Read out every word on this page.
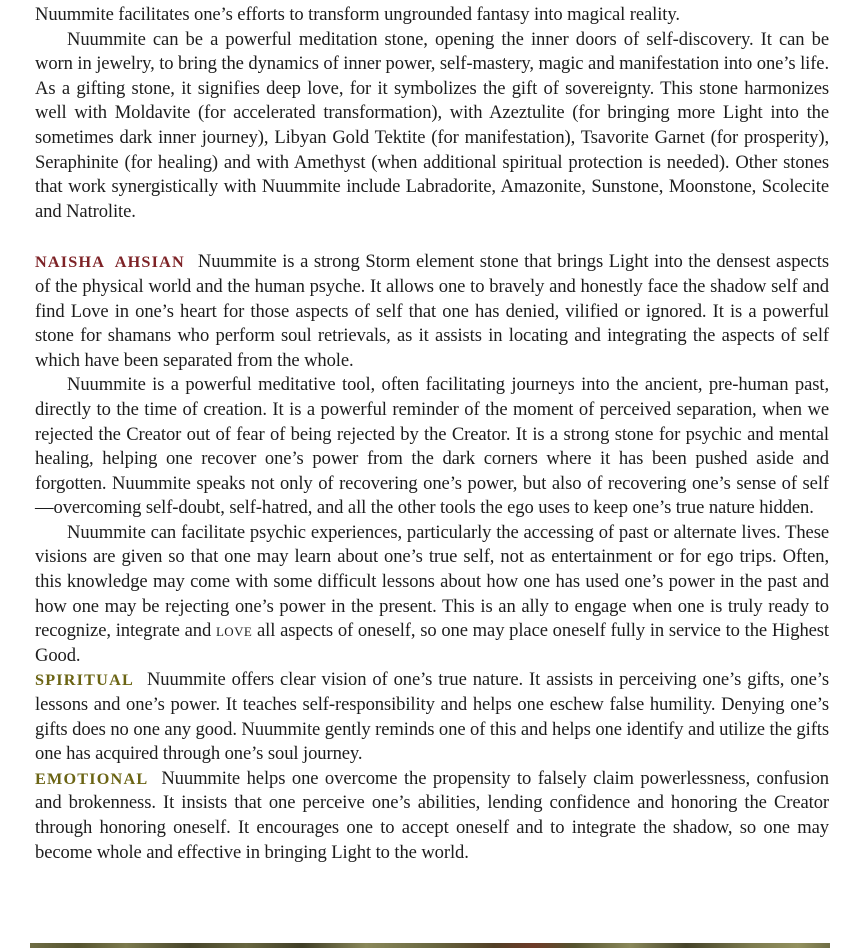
Nuummite facilitates one’s efforts to transform ungrounded fantasy into magical reality.

Nuummite can be a powerful meditation stone, opening the inner doors of self-discovery. It can be worn in jewelry, to bring the dynamics of inner power, self-mastery, magic and manifestation into one’s life. As a gifting stone, it signifies deep love, for it symbolizes the gift of sovereignty. This stone harmonizes well with Moldavite (for accelerated transformation), with Azeztulite (for bringing more Light into the sometimes dark inner journey), Libyan Gold Tektite (for manifestation), Tsavorite Garnet (for prosperity), Seraphinite (for healing) and with Amethyst (when additional spiritual protection is needed). Other stones that work synergistically with Nuummite include Labradorite, Amazonite, Sunstone, Moonstone, Scolecite and Natrolite.

NAISHA AHSIAN Nuummite is a strong Storm element stone that brings Light into the densest aspects of the physical world and the human psyche. It allows one to bravely and honestly face the shadow self and find Love in one’s heart for those aspects of self that one has denied, vilified or ignored. It is a powerful stone for shamans who perform soul retrievals, as it assists in locating and integrating the aspects of self which have been separated from the whole.

Nuummite is a powerful meditative tool, often facilitating journeys into the ancient, pre-human past, directly to the time of creation. It is a powerful reminder of the moment of perceived separation, when we rejected the Creator out of fear of being rejected by the Creator. It is a strong stone for psychic and mental healing, helping one recover one’s power from the dark corners where it has been pushed aside and forgotten. Nuummite speaks not only of recovering one’s power, but also of recovering one’s sense of self—overcoming self-doubt, self-hatred, and all the other tools the ego uses to keep one’s true nature hidden.

Nuummite can facilitate psychic experiences, particularly the accessing of past or alternate lives. These visions are given so that one may learn about one’s true self, not as entertainment or for ego trips. Often, this knowledge may come with some difficult lessons about how one has used one’s power in the past and how one may be rejecting one’s power in the present. This is an ally to engage when one is truly ready to recognize, integrate and love all aspects of oneself, so one may place oneself fully in service to the Highest Good.

SPIRITUAL Nuummite offers clear vision of one’s true nature. It assists in perceiving one’s gifts, one’s lessons and one’s power. It teaches self-responsibility and helps one eschew false humility. Denying one’s gifts does no one any good. Nuummite gently reminds one of this and helps one identify and utilize the gifts one has acquired through one’s soul journey.

EMOTIONAL Nuummite helps one overcome the propensity to falsely claim powerlessness, confusion and brokenness. It insists that one perceive one’s abilities, lending confidence and honoring the Creator through honoring oneself. It encourages one to accept oneself and to integrate the shadow, so one may become whole and effective in bringing Light to the world.
